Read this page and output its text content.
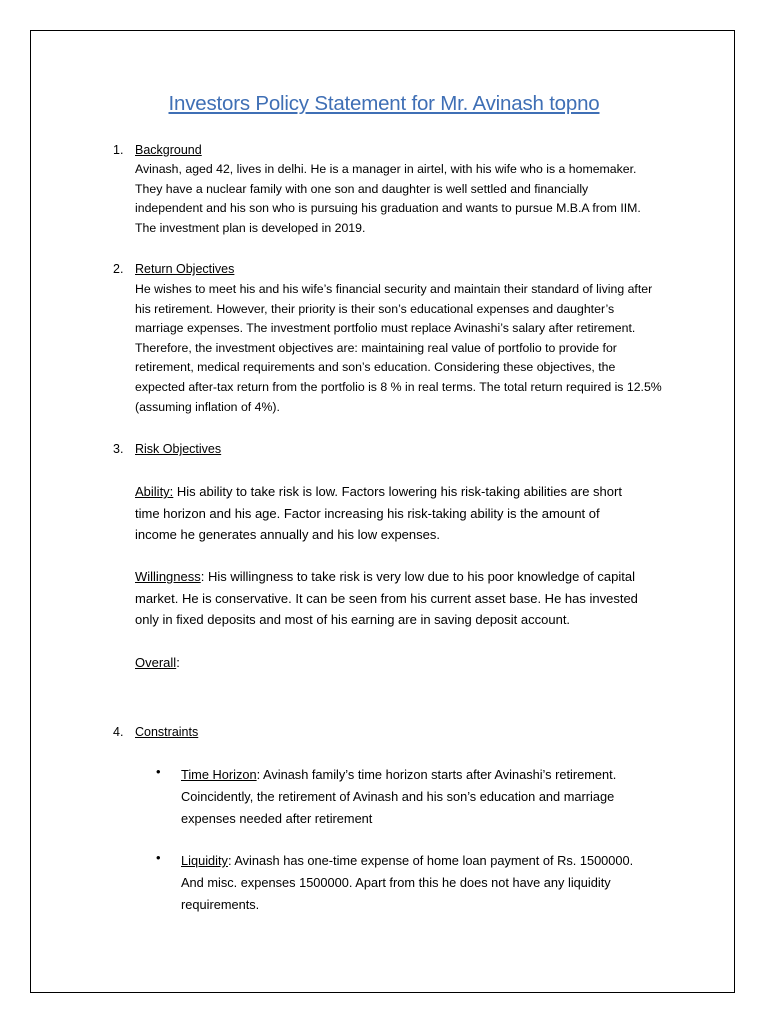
Investors Policy Statement for Mr. Avinash topno
1. Background
Avinash, aged 42, lives in delhi. He is a manager in airtel, with his wife who is a homemaker.
They have a nuclear family with one son and daughter is well settled and financially
independent and his son who is pursuing his graduation and wants to pursue M.B.A from IIM.
The investment plan is developed in 2019.
2. Return Objectives
He wishes to meet his and his wife’s financial security and maintain their standard of living after
his retirement. However, their priority is their son’s educational expenses and daughter’s
marriage expenses. The investment portfolio must replace Avinashi’s salary after retirement.
Therefore, the investment objectives are: maintaining real value of portfolio to provide for
retirement, medical requirements and son’s education. Considering these objectives, the
expected after-tax return from the portfolio is 8 % in real terms. The total return required is 12.5%
(assuming inflation of 4%).
3. Risk Objectives
Ability: His ability to take risk is low. Factors lowering his risk-taking abilities are short
time horizon and his age. Factor increasing his risk-taking ability is the amount of
income he generates annually and his low expenses.
Willingness: His willingness to take risk is very low due to his poor knowledge of capital
market. He is conservative. It can be seen from his current asset base. He has invested
only in fixed deposits and most of his earning are in saving deposit account.
Overall:
4. Constraints
• Time Horizon: Avinash family’s time horizon starts after Avinashi’s retirement.
Coincidently, the retirement of Avinash and his son’s education and marriage
expenses needed after retirement
• Liquidity: Avinash has one-time expense of home loan payment of Rs. 1500000.
And misc. expenses 1500000. Apart from this he does not have any liquidity
requirements.
